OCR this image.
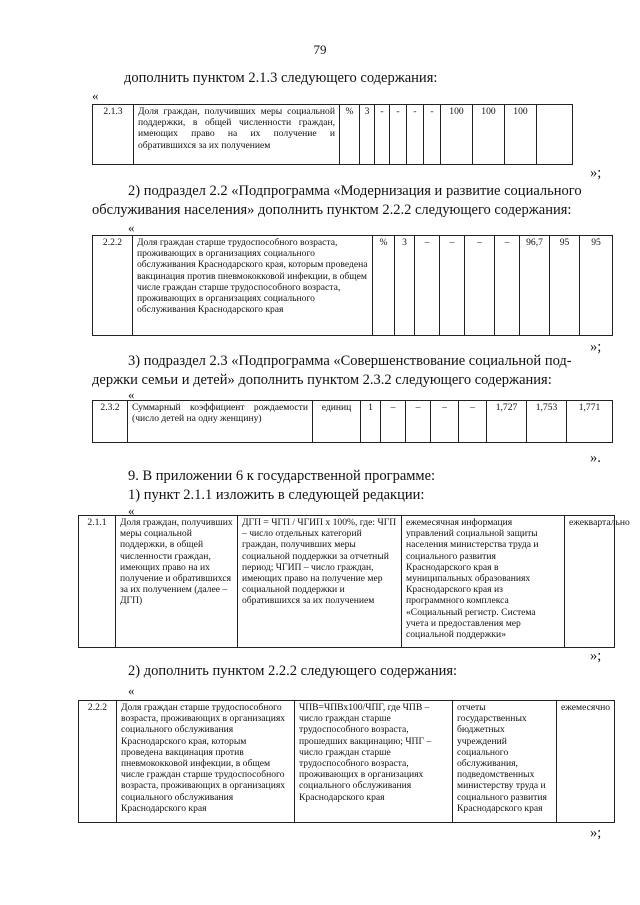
79
дополнить пунктом 2.1.3 следующего содержания:
«
2.1.3	Доля граждан, получивших меры социальной поддержки, в общей численности граждан, имеющих право на их получение и обратившихся за их получением	%	3	-	-	-	-	100	100	100	
»;
2) подраздел 2.2 «Подпрограмма «Модернизация и развитие социального
обслуживания населения» дополнить пунктом 2.2.2 следующего содержания:
«
2.2.2	Доля граждан старше трудоспособного возраста, проживающих в организациях социального обслуживания Краснодарского края, которым проведена вакцинация против пневмококковой инфекции, в общем числе граждан старше трудоспособного возраста, проживающих в организациях социального обслуживания Краснодарского края	%	3	–	–	–	–	96,7	95	95
»;
3) подраздел 2.3 «Подпрограмма «Совершенствование социальной под-
держки семьи и детей» дополнить пунктом 2.3.2 следующего содержания:
«
2.3.2	Суммарный коэффициент рождаемости (число детей на одну женщину)	единиц	1	–	–	–	–	1,727	1,753	1,771
».
9. В приложении 6 к государственной программе:
1) пункт 2.1.1 изложить в следующей редакции:
«
2.1.1	Доля граждан, получивших меры социальной поддержки, в общей численности граждан, имеющих право на их получение и обратившихся за их получением (далее – ДГП)	ДГП = ЧГП / ЧГИП х 100%, где: ЧГП – число отдельных категорий граждан, получивших меры социальной поддержки за отчетный период; ЧГИП – число граждан, имеющих право на получение мер социальной поддержки и обратившихся за их получением	ежемесячная информация управлений социальной защиты населения министерства труда и социального развития Краснодарского края в муниципальных образованиях Краснодарского края из программного комплекса «Социальный регистр. Система учета и предоставления мер социальной поддержки»	ежеквартально
»;
2) дополнить пунктом 2.2.2 следующего содержания:
«
2.2.2	Доля граждан старше трудоспособного возраста, проживающих в организациях социального обслуживания Краснодарского края, которым проведена вакцинация против пневмококковой инфекции, в общем числе граждан старше трудоспособного возраста, проживающих в организациях социального обслуживания Краснодарского края	ЧПВ=ЧПВх100/ЧПГ, где ЧПВ – число граждан старше трудоспособного возраста, прошедших вакцинацию; ЧПГ – число граждан старше трудоспособного возраста, проживающих в организациях социального обслуживания Краснодарского края	отчеты государственных бюджетных учреждений социального обслуживания, подведомственных министерству труда и социального развития Краснодарского края	ежемесячно
»;
